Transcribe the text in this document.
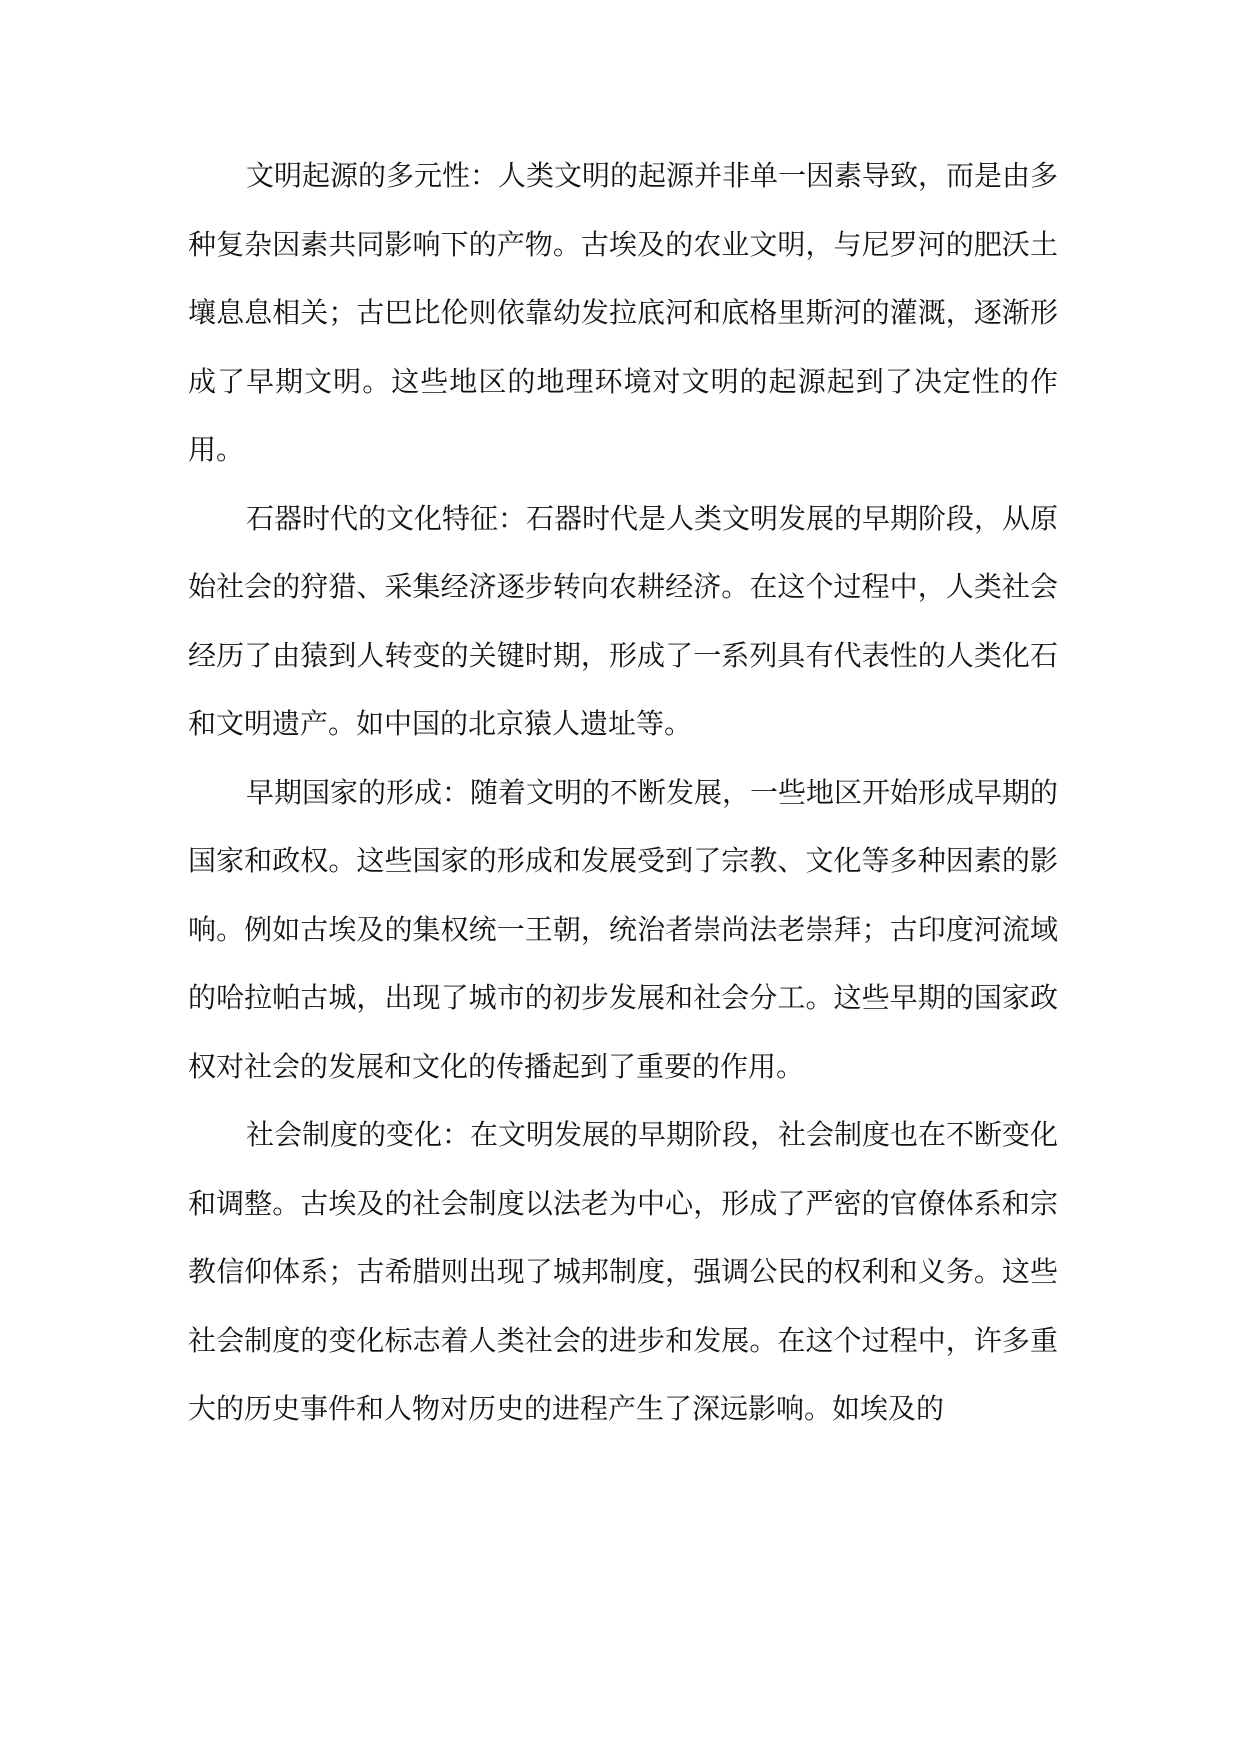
文明起源的多元性：人类文明的起源并非单一因素导致，而是由多种复杂因素共同影响下的产物。古埃及的农业文明，与尼罗河的肥沃土壤息息相关；古巴比伦则依靠幼发拉底河和底格里斯河的灌溉，逐渐形成了早期文明。这些地区的地理环境对文明的起源起到了决定性的作用。

石器时代的文化特征：石器时代是人类文明发展的早期阶段，从原始社会的狩猎、采集经济逐步转向农耕经济。在这个过程中，人类社会经历了由猿到人转变的关键时期，形成了一系列具有代表性的人类化石和文明遗产。如中国的北京猿人遗址等。

早期国家的形成：随着文明的不断发展，一些地区开始形成早期的国家和政权。这些国家的形成和发展受到了宗教、文化等多种因素的影响。例如古埃及的集权统一王朝，统治者崇尚法老崇拜；古印度河流域的哈拉帕古城，出现了城市的初步发展和社会分工。这些早期的国家政权对社会的发展和文化的传播起到了重要的作用。

社会制度的变化：在文明发展的早期阶段，社会制度也在不断变化和调整。古埃及的社会制度以法老为中心，形成了严密的官僚体系和宗教信仰体系；古希腊则出现了城邦制度，强调公民的权利和义务。这些社会制度的变化标志着人类社会的进步和发展。在这个过程中，许多重大的历史事件和人物对历史的进程产生了深远影响。如埃及的
